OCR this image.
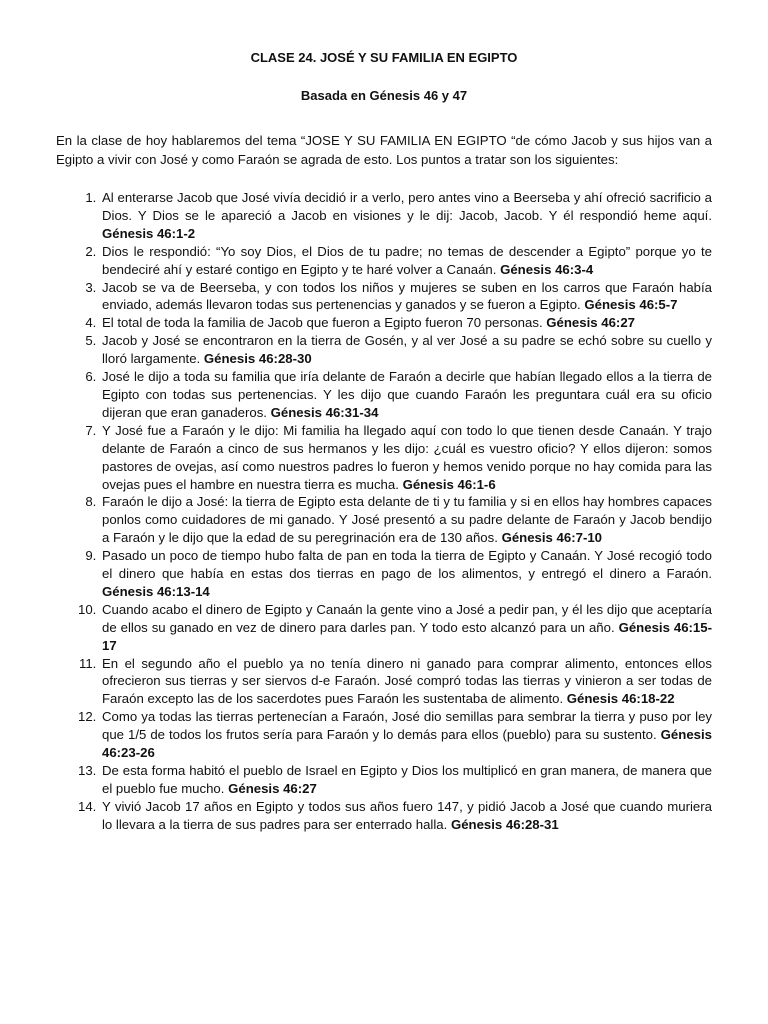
CLASE 24. JOSÉ Y SU FAMILIA EN EGIPTO
Basada en Génesis 46 y 47

En la clase de hoy hablaremos del tema “JOSE Y SU FAMILIA EN EGIPTO “de cómo Jacob y sus hijos van a Egipto a vivir con José y como Faraón se agrada de esto. Los puntos a tratar son los siguientes:

1. Al enterarse Jacob que José vivía decidió ir a verlo, pero antes vino a Beerseba y ahí ofreció sacrificio a Dios. Y Dios se le apareció a Jacob en visiones y le dij: Jacob, Jacob. Y él respondió heme aquí. Génesis 46:1-2
2. Dios le respondió: “Yo soy Dios, el Dios de tu padre; no temas de descender a Egipto” porque yo te bendeciré ahí y estaré contigo en Egipto y te haré volver a Canaán. Génesis 46:3-4
3. Jacob se va de Beerseba, y con todos los niños y mujeres se suben en los carros que Faraón había enviado, además llevaron todas sus pertenencias y ganados y se fueron a Egipto. Génesis 46:5-7
4. El total de toda la familia de Jacob que fueron a Egipto fueron 70 personas. Génesis 46:27
5. Jacob y José se encontraron en la tierra de Gosén, y al ver José a su padre se echó sobre su cuello y lloró largamente. Génesis 46:28-30
6. José le dijo a toda su familia que iría delante de Faraón a decirle que habían llegado ellos a la tierra de Egipto con todas sus pertenencias. Y les dijo que cuando Faraón les preguntara cuál era su oficio dijeran que eran ganaderos. Génesis 46:31-34
7. Y José fue a Faraón y le dijo: Mi familia ha llegado aquí con todo lo que tienen desde Canaán. Y trajo delante de Faraón a cinco de sus hermanos y les dijo: ¿cuál es vuestro oficio? Y ellos dijeron: somos pastores de ovejas, así como nuestros padres lo fueron y hemos venido porque no hay comida para las ovejas pues el hambre en nuestra tierra es mucha. Génesis 46:1-6
8. Faraón le dijo a José: la tierra de Egipto esta delante de ti y tu familia y si en ellos hay hombres capaces ponlos como cuidadores de mi ganado. Y José presentó a su padre delante de Faraón y Jacob bendijo a Faraón y le dijo que la edad de su peregrinación era de 130 años. Génesis 46:7-10
9. Pasado un poco de tiempo hubo falta de pan en toda la tierra de Egipto y Canaán. Y José recogió todo el dinero que había en estas dos tierras en pago de los alimentos, y entregó el dinero a Faraón. Génesis 46:13-14
10. Cuando acabo el dinero de Egipto y Canaán la gente vino a José a pedir pan, y él les dijo que aceptaría de ellos su ganado en vez de dinero para darles pan. Y todo esto alcanzó para un año. Génesis 46:15-17
11. En el segundo año el pueblo ya no tenía dinero ni ganado para comprar alimento, entonces ellos ofrecieron sus tierras y ser siervos d-e Faraón. José compró todas las tierras y vinieron a ser todas de Faraón excepto las de los sacerdotes pues Faraón les sustentaba de alimento. Génesis 46:18-22
12. Como ya todas las tierras pertenecían a Faraón, José dio semillas para sembrar la tierra y puso por ley que 1/5 de todos los frutos sería para Faraón y lo demás para ellos (pueblo) para su sustento. Génesis 46:23-26
13. De esta forma habitó el pueblo de Israel en Egipto y Dios los multiplicó en gran manera, de manera que el pueblo fue mucho. Génesis 46:27
14. Y vivió Jacob 17 años en Egipto y todos sus años fuero 147, y pidió Jacob a José que cuando muriera lo llevara a la tierra de sus padres para ser enterrado halla. Génesis 46:28-31
